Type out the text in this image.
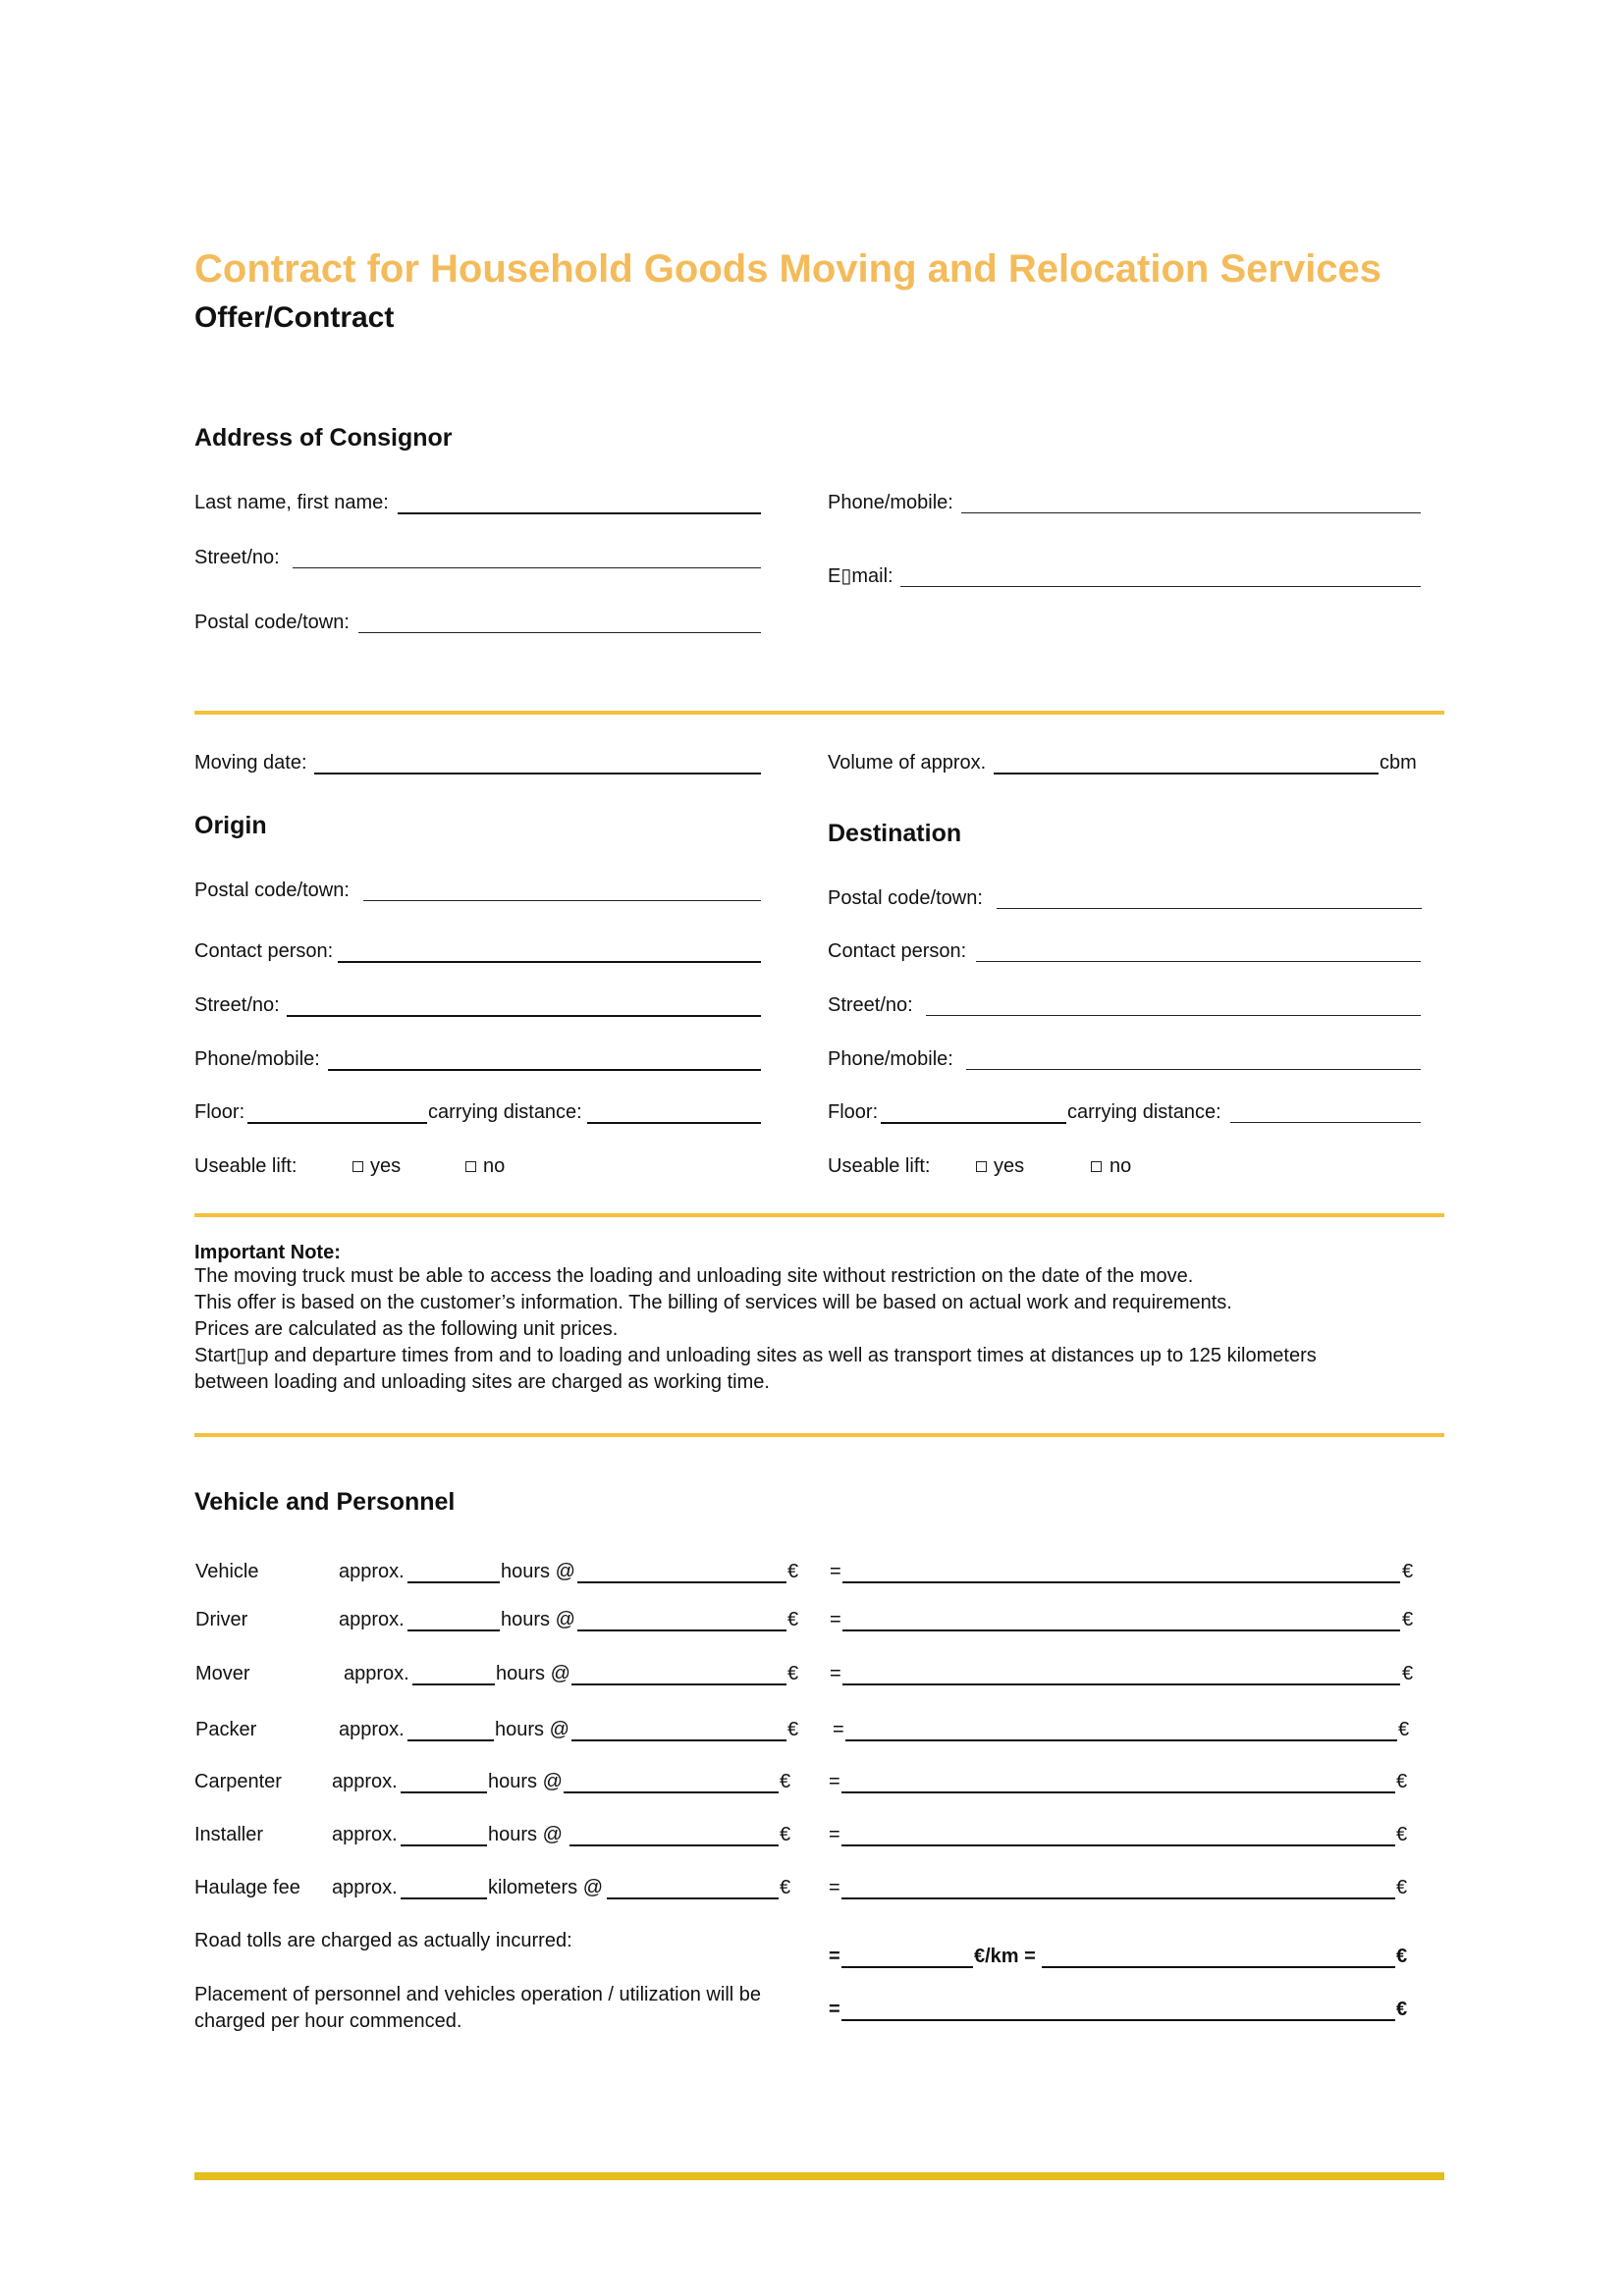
Contract for Household Goods Moving and Relocation Services
Offer/Contract
Address of Consignor
Last name, first name:
Street/no:
Postal code/town:
Phone/mobile:
E▯mail:
Moving date:	Volume of approx.	cbm
Origin
Postal code/town:
Contact person:
Street/no:
Phone/mobile:
Floor:	carrying distance:
Useable lift:	yes	no
Destination
Postal code/town:
Contact person:
Street/no:
Phone/mobile:
Floor:	carrying distance:
Useable lift:	yes	no

Important Note:

The moving truck must be able to access the loading and unloading site without restriction on the date of the move.

This offer is based on the customer’s information. The billing of services will be based on actual work and requirements.

Prices are calculated as the following unit prices.

Start▯up and departure times from and to loading and unloading sites as well as transport times at distances up to 125 kilometers

between loading and unloading sites are charged as working time.

Vehicle and Personnel
Vehicle	approx.	hours @	€ =	€
Driver	approx.	hours @	€ =	€
Mover	approx.	hours @	€ =	€
Packer	approx.	hours @	€ =	€
Carpenter	approx.	hours @	€ =	€
Installer	approx.	hours @	€ =	€
Haulage fee approx.	kilometers @	€ =	€
Road tolls are charged as actually incurred:
=	€/km =	€
Placement of personnel and vehicles operation / utilization will be
charged per hour commenced.
=	€
